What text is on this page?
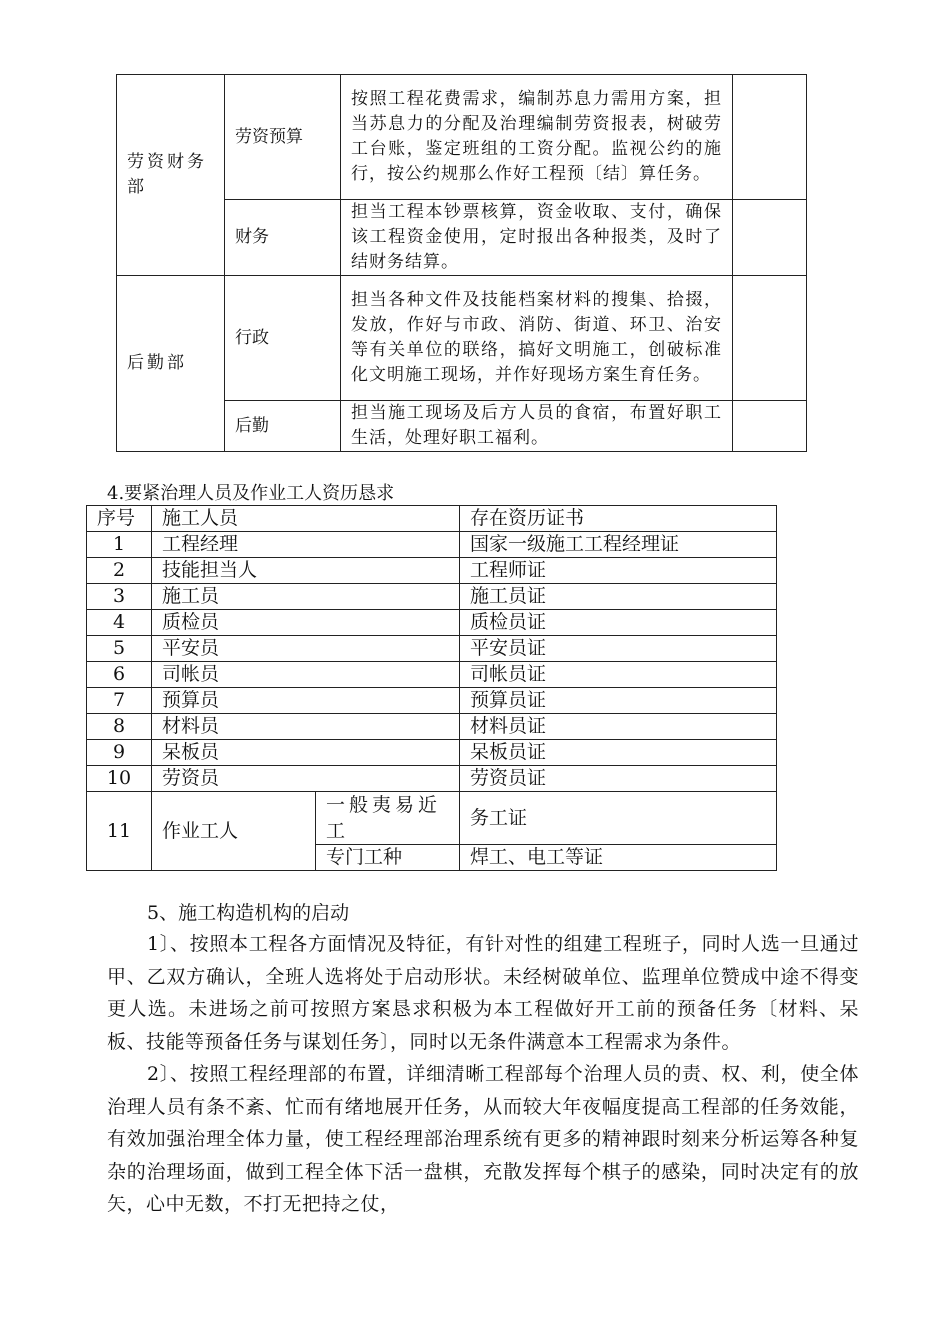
劳资财务部	劳资预算	按照工程花费需求，编制苏息力需用方案，担当苏息力的分配及治理编制劳资报表，树破劳工台账，鉴定班组的工资分配。监视公约的施行，按公约规那么作好工程预〔结〕算任务。	
	财务	担当工程本钞票核算，资金收取、支付，确保该工程资金使用，定时报出各种报类，及时了结财务结算。	
后勤部	行政	担当各种文件及技能档案材料的搜集、拾掇，发放，作好与市政、消防、街道、环卫、治安等有关单位的联络，搞好文明施工，创破标准化文明施工现场，并作好现场方案生育任务。	
	后勤	担当施工现场及后方人员的食宿，布置好职工生活，处理好职工福利。	
4.要紧治理人员及作业工人资历恳求
序号	施工人员		存在资历证书
1	工程经理		国家一级施工工程经理证
2	技能担当人		工程师证
3	施工员		施工员证
4	质检员		质检员证
5	平安员		平安员证
6	司帐员		司帐员证
7	预算员		预算员证
8	材料员		材料员证
9	呆板员		呆板员证
10	劳资员		劳资员证
11	作业工人	一般夷易近工	务工证
		专门工种	焊工、电工等证
5、施工构造机构的启动

1〕、按照本工程各方面情况及特征，有针对性的组建工程班子，同时人选一旦通过甲、乙双方确认，全班人选将处于启动形状。未经树破单位、监理单位赞成中途不得变更人选。未进场之前可按照方案恳求积极为本工程做好开工前的预备任务〔材料、呆板、技能等预备任务与谋划任务〕，同时以无条件满意本工程需求为条件。

2〕、按照工程经理部的布置，详细清晰工程部每个治理人员的责、权、利，使全体治理人员有条不紊、忙而有绪地展开任务，从而较大年夜幅度提高工程部的任务效能，有效加强治理全体力量，使工程经理部治理系统有更多的精神跟时刻来分析运筹各种复杂的治理场面，做到工程全体下活一盘棋，充散发挥每个棋子的感染，同时决定有的放矢，心中无数，不打无把持之仗，
